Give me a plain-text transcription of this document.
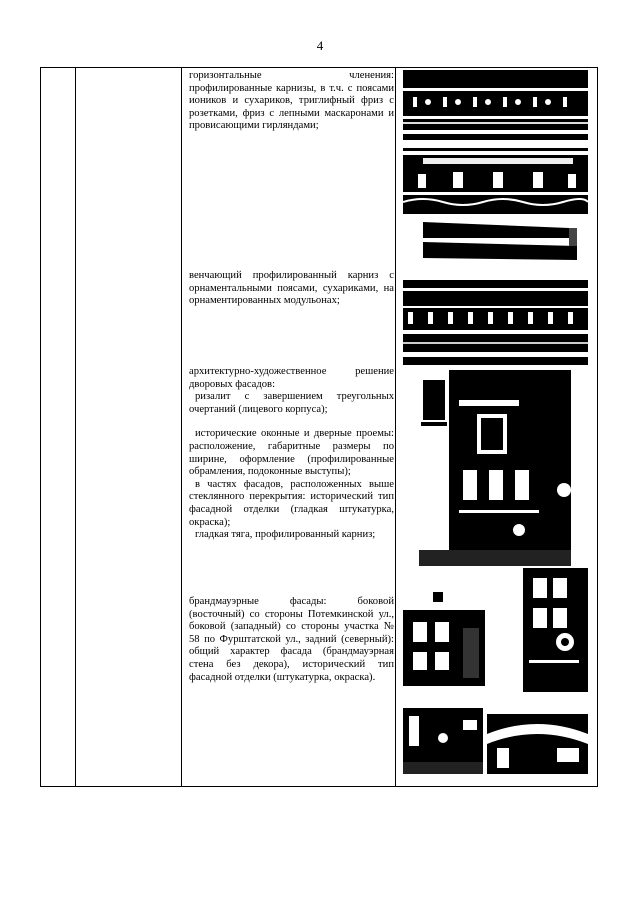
4
горизонтальные членения: профилированные карнизы, в т.ч. с поясами иоников и сухариков, триглифный фриз с розетками, фриз с лепными маскаронами и провисающими гирляндами;
венчающий профилированный карниз с орнаментальными поясами, сухариками, на орнаментированных модульонах;

архитектурно-художественное решение дворовых фасадов:

ризалит с завершением треугольных очертаний (лицевого корпуса);

исторические оконные и дверные проемы: расположение, габаритные размеры по ширине, оформление (профилированные обрамления, подоконные выступы);

в частях фасадов, расположенных выше стеклянного перекрытия: исторический тип фасадной отделки (гладкая штукатурка, окраска);

гладкая тяга, профилированный карниз;

брандмауэрные фасады: боковой (восточный) со стороны Потемкинской ул., боковой (западный) со стороны участка № 58 по Фурштатской ул., задний (северный): общий характер фасада (брандмауэрная стена без декора), исторический тип фасадной отделки (штукатурка, окраска).
